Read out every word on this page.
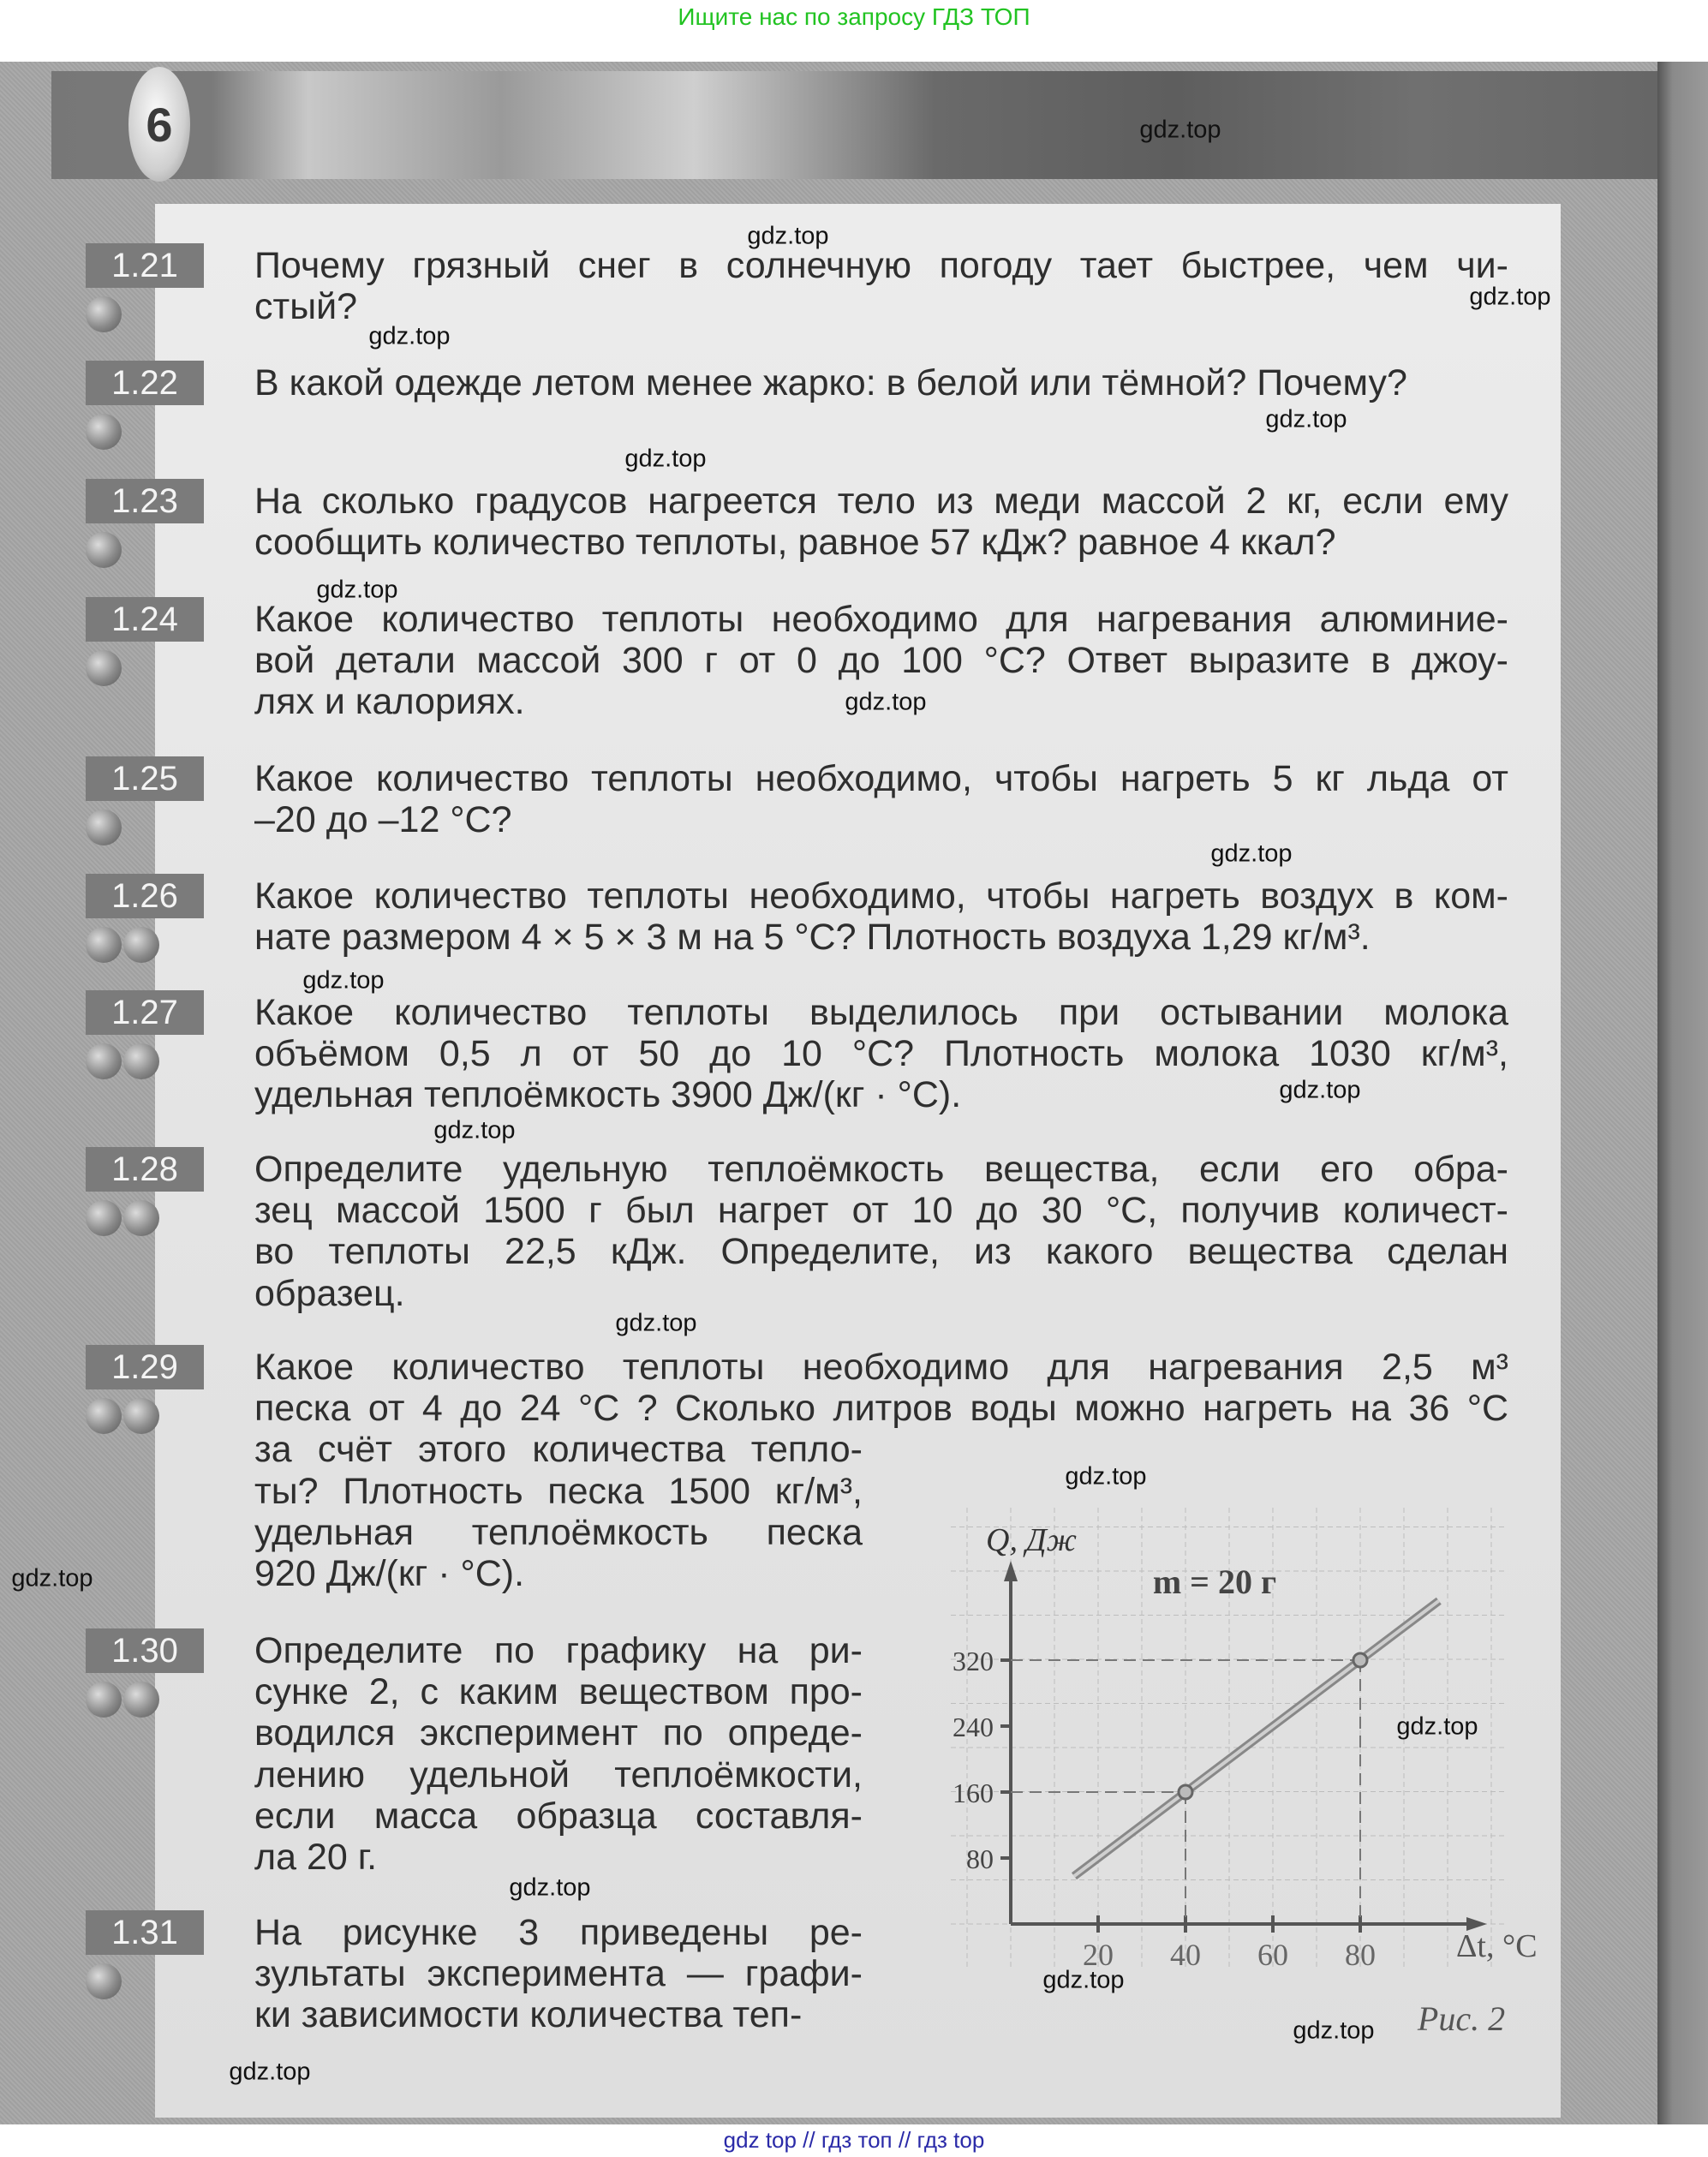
Ищите нас по запросу ГДЗ ТОП
6
1.21	Почему грязный снег в солнечную погоду тает быстрее, чем чи-
стый?
1.22	В какой одежде летом менее жарко: в белой или тёмной? Почему?
1.23	На сколько градусов нагреется тело из меди массой 2 кг, если ему
сообщить количество теплоты, равное 57 кДж? равное 4 ккал?
1.24	Какое количество теплоты необходимо для нагревания алюминие-
вой детали массой 300 г от 0 до 100 °С? Ответ выразите в джоу-
лях и калориях.
1.25	Какое количество теплоты необходимо, чтобы нагреть 5 кг льда от
–20 до –12 °С?
1.26	Какое количество теплоты необходимо, чтобы нагреть воздух в ком-
нате размером 4 × 5 × 3 м на 5 °С? Плотность воздуха 1,29 кг/м³.
1.27	Какое количество теплоты выделилось при остывании молока
объёмом 0,5 л от 50 до 10 °С? Плотность молока 1030 кг/м³,
удельная теплоёмкость 3900 Дж/(кг · °С).
1.28	Определите удельную теплоёмкость вещества, если его обра-
зец массой 1500 г был нагрет от 10 до 30 °С, получив количест-
во теплоты 22,5 кДж. Определите, из какого вещества сделан
образец.
1.29	Какое количество теплоты необходимо для нагревания 2,5 м³
песка от 4 до 24 °С ? Сколько литров воды можно нагреть на 36 °С
за счёт этого количества тепло-
ты? Плотность песка 1500 кг/м³,
удельная теплоёмкость песка
920 Дж/(кг · °С).
1.30	Определите по графику на ри-
сунке 2, с каким веществом про-
водился эксперимент по опреде-
лению удельной теплоёмкости,
если масса образца составля-
ла 20 г.
1.31	На рисунке 3 приведены ре-
зультаты эксперимента — графи-
ки зависимости количества теп-
20 40 60 80
80
160
240
320
Q, Дж
m = 20 г
Δt, °С
Рис. 2
gdz.top
gdz.top
gdz.top
gdz.top
gdz.top
gdz.top
gdz.top
gdz.top
gdz.top
gdz.top
gdz.top
gdz.top
gdz.top
gdz.top
gdz.top
gdz.top
gdz.top
gdz.top
gdz.top
gdz.top
gdz top // гдз топ // гдз top
